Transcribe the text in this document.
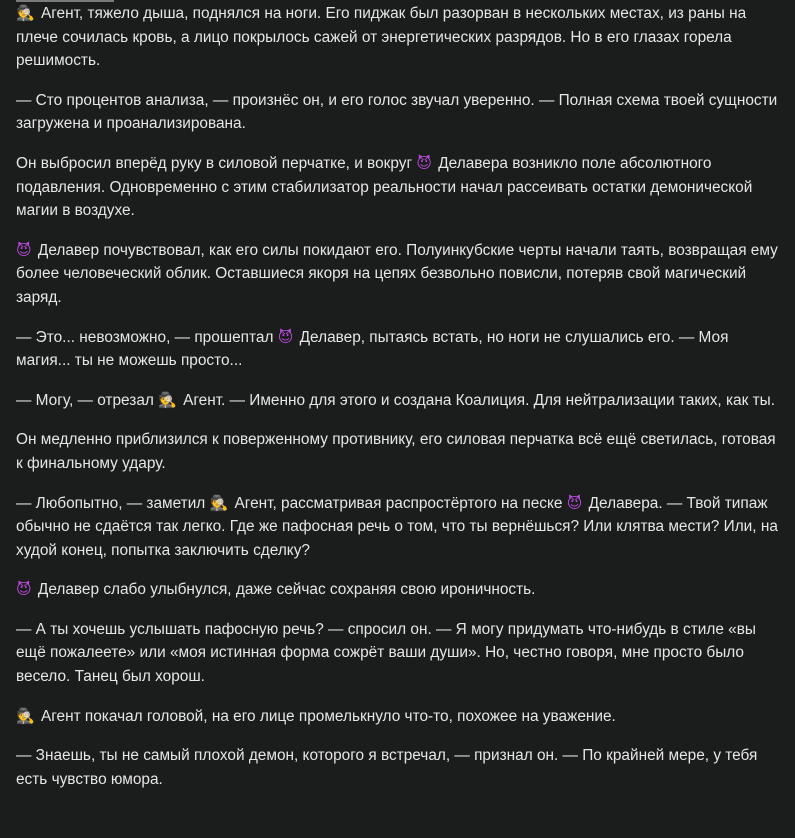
🕵 Агент, тяжело дыша, поднялся на ноги. Его пиджак был разорван в нескольких местах, из раны на плече сочилась кровь, а лицо покрылось сажей от энергетических разрядов. Но в его глазах горела решимость.

— Сто процентов анализа, — произнёс он, и его голос звучал уверенно. — Полная схема твоей сущности загружена и проанализирована.

Он выбросил вперёд руку в силовой перчатке, и вокруг 😈 Делавера возникло поле абсолютного подавления. Одновременно с этим стабилизатор реальности начал рассеивать остатки демонической магии в воздухе.

😈 Делавер почувствовал, как его силы покидают его. Полуинкубские черты начали таять, возвращая ему более человеческий облик. Оставшиеся якоря на цепях безвольно повисли, потеряв свой магический заряд.

— Это... невозможно, — прошептал 😈 Делавер, пытаясь встать, но ноги не слушались его. — Моя магия... ты не можешь просто...

— Могу, — отрезал 🕵 Агент. — Именно для этого и создана Коалиция. Для нейтрализации таких, как ты.

Он медленно приблизился к поверженному противнику, его силовая перчатка всё ещё светилась, готовая к финальному удару.

— Любопытно, — заметил 🕵 Агент, рассматривая распростёртого на песке 😈 Делавера. — Твой типаж обычно не сдаётся так легко. Где же пафосная речь о том, что ты вернёшься? Или клятва мести? Или, на худой конец, попытка заключить сделку?

😈 Делавер слабо улыбнулся, даже сейчас сохраняя свою ироничность.

— А ты хочешь услышать пафосную речь? — спросил он. — Я могу придумать что-нибудь в стиле «вы ещё пожалеете» или «моя истинная форма сожрёт ваши души». Но, честно говоря, мне просто было весело. Танец был хорош.

🕵 Агент покачал головой, на его лице промелькнуло что-то, похожее на уважение.

— Знаешь, ты не самый плохой демон, которого я встречал, — признал он. — По крайней мере, у тебя есть чувство юмора.
